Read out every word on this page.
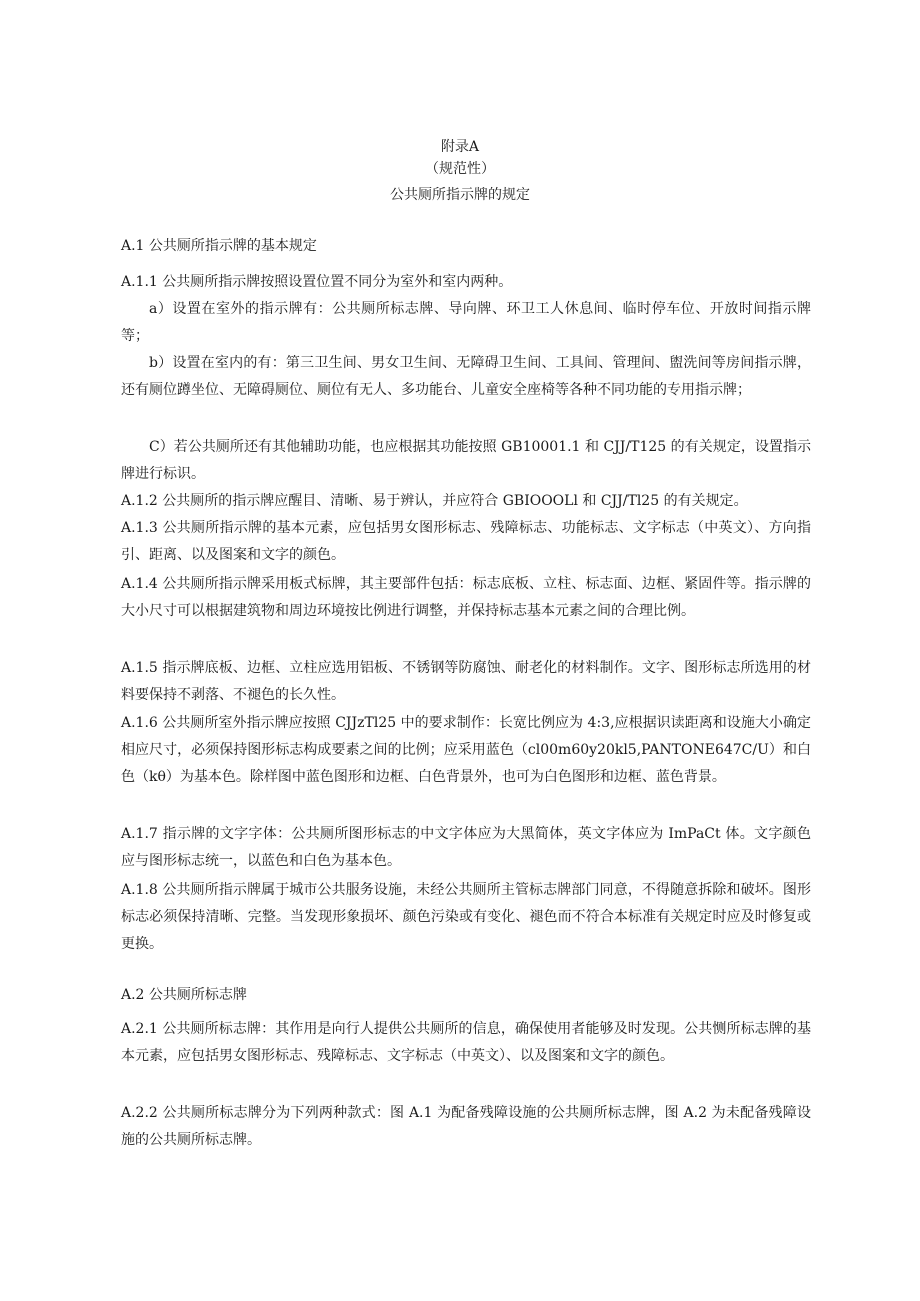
附录A
（规范性）
公共厕所指示牌的规定
A.1 公共厕所指示牌的基本规定
A.1.1 公共厕所指示牌按照设置位置不同分为室外和室内两种。
a）设置在室外的指示牌有：公共厕所标志牌、导向牌、环卫工人休息间、临时停车位、开放时间指示牌等；
b）设置在室内的有：第三卫生间、男女卫生间、无障碍卫生间、工具间、管理间、盥洗间等房间指示牌，还有厕位蹲坐位、无障碍厕位、厕位有无人、多功能台、儿童安全座椅等各种不同功能的专用指示牌；
C）若公共厕所还有其他辅助功能，也应根据其功能按照 GB10001.1 和 CJJ/T125 的有关规定，设置指示牌进行标识。
A.1.2 公共厕所的指示牌应醒目、清晰、易于辨认，并应符合 GBIOOOLl 和 CJJ/Tl25 的有关规定。
A.1.3 公共厕所指示牌的基本元素，应包括男女图形标志、残障标志、功能标志、文字标志（中英文）、方向指引、距离、以及图案和文字的颜色。
A.1.4 公共厕所指示牌采用板式标牌，其主要部件包括：标志底板、立柱、标志面、边框、紧固件等。指示牌的大小尺寸可以根据建筑物和周边环境按比例进行调整，并保持标志基本元素之间的合理比例。
A.1.5 指示牌底板、边框、立柱应选用铝板、不锈钢等防腐蚀、耐老化的材料制作。文字、图形标志所选用的材料要保持不剥落、不褪色的长久性。
A.1.6 公共厕所室外指示牌应按照 CJJzTl25 中的要求制作：长宽比例应为 4:3,应根据识读距离和设施大小确定相应尺寸，必须保持图形标志构成要素之间的比例；应采用蓝色（cl00m60y20kl5,PANTONE647C/U）和白色（kθ）为基本色。除样图中蓝色图形和边框、白色背景外，也可为白色图形和边框、蓝色背景。
A.1.7 指示牌的文字字体：公共厕所图形标志的中文字体应为大黑简体，英文字体应为 ImPaCt 体。文字颜色应与图形标志统一，以蓝色和白色为基本色。
A.1.8 公共厕所指示牌属于城市公共服务设施，未经公共厕所主管标志牌部门同意，不得随意拆除和破坏。图形标志必须保持清晰、完整。当发现形象损坏、颜色污染或有变化、褪色而不符合本标准有关规定时应及时修复或更换。
A.2 公共厕所标志牌
A.2.1 公共厕所标志牌：其作用是向行人提供公共厕所的信息，确保使用者能够及时发现。公共恻所标志牌的基本元素，应包括男女图形标志、残障标志、文字标志（中英文）、以及图案和文字的颜色。
A.2.2 公共厕所标志牌分为下列两种款式：图 A.1 为配备残障设施的公共厕所标志牌，图 A.2 为未配备残障设施的公共厕所标志牌。
